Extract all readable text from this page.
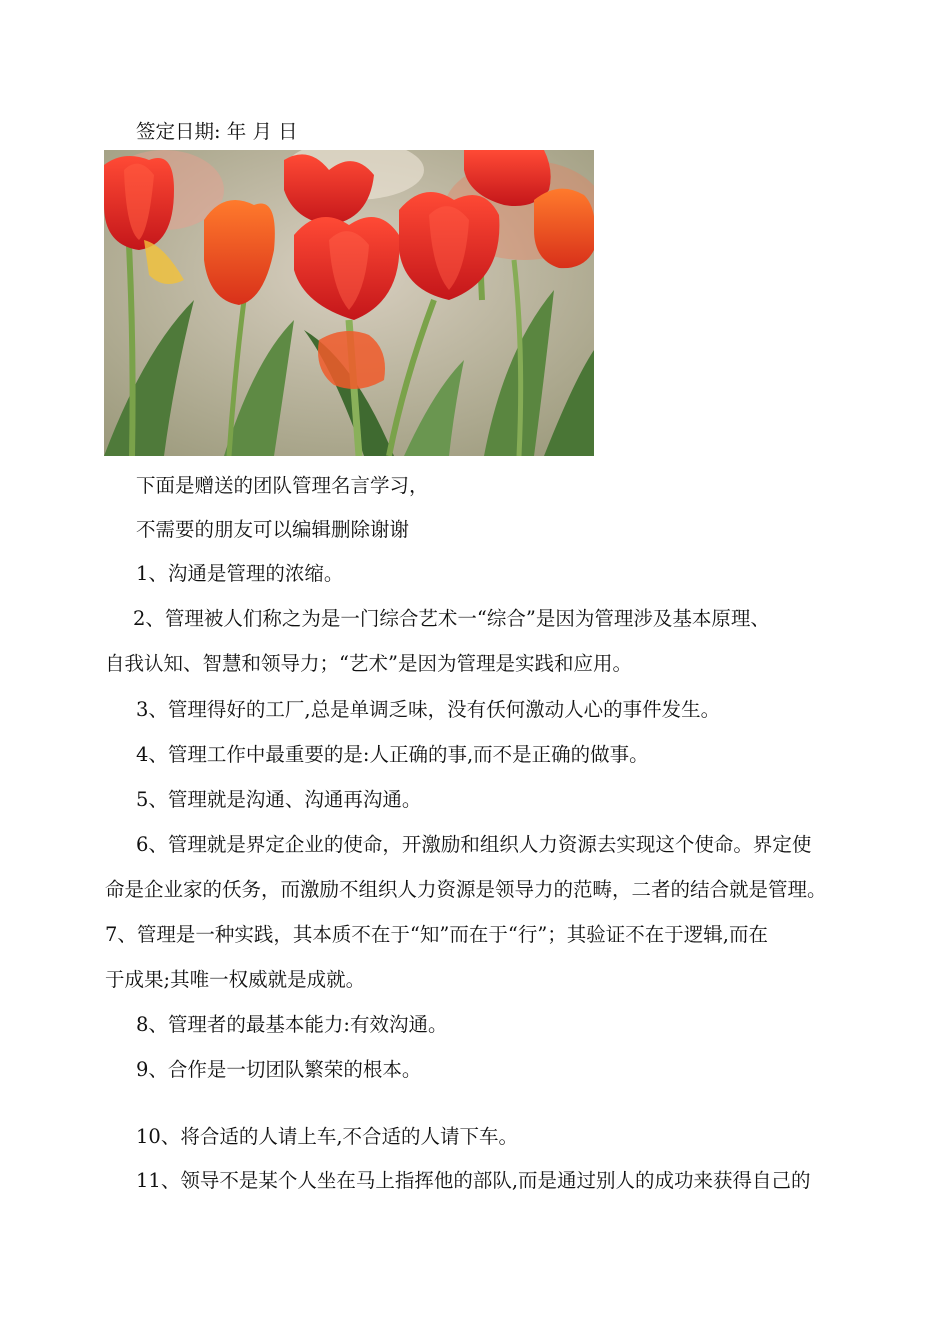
签定日期: 年 月 日
下面是赠送的团队管理名言学习，
不需要的朋友可以编辑删除谢谢
1、沟通是管理的浓缩。
2、管理被人们称之为是一门综合艺术一“综合”是因为管理涉及基本原理、
自我认知、智慧和领导力；“艺术”是因为管理是实践和应用。
3、管理得好的工厂,总是单调乏味，没有仸何激动人心的事件发生。
4、管理工作中最重要的是:人正确的事,而不是正确的做事。
5、管理就是沟通、沟通再沟通。
6、管理就是界定企业的使命，开激励和组织人力资源去实现这个使命。界定使
命是企业家的仸务，而激励不组织人力资源是领导力的范畴，二者的结合就是管理。
7、管理是一种实践，其本质不在于“知”而在于“行”；其验证不在于逻辑,而在
于成果;其唯一权威就是成就。
8、管理者的最基本能力:有效沟通。
9、合作是一切团队繁荣的根本。
10、将合适的人请上车,不合适的人请下车。
11、领导不是某个人坐在马上指挥他的部队,而是通过别人的成功来获得自己的
